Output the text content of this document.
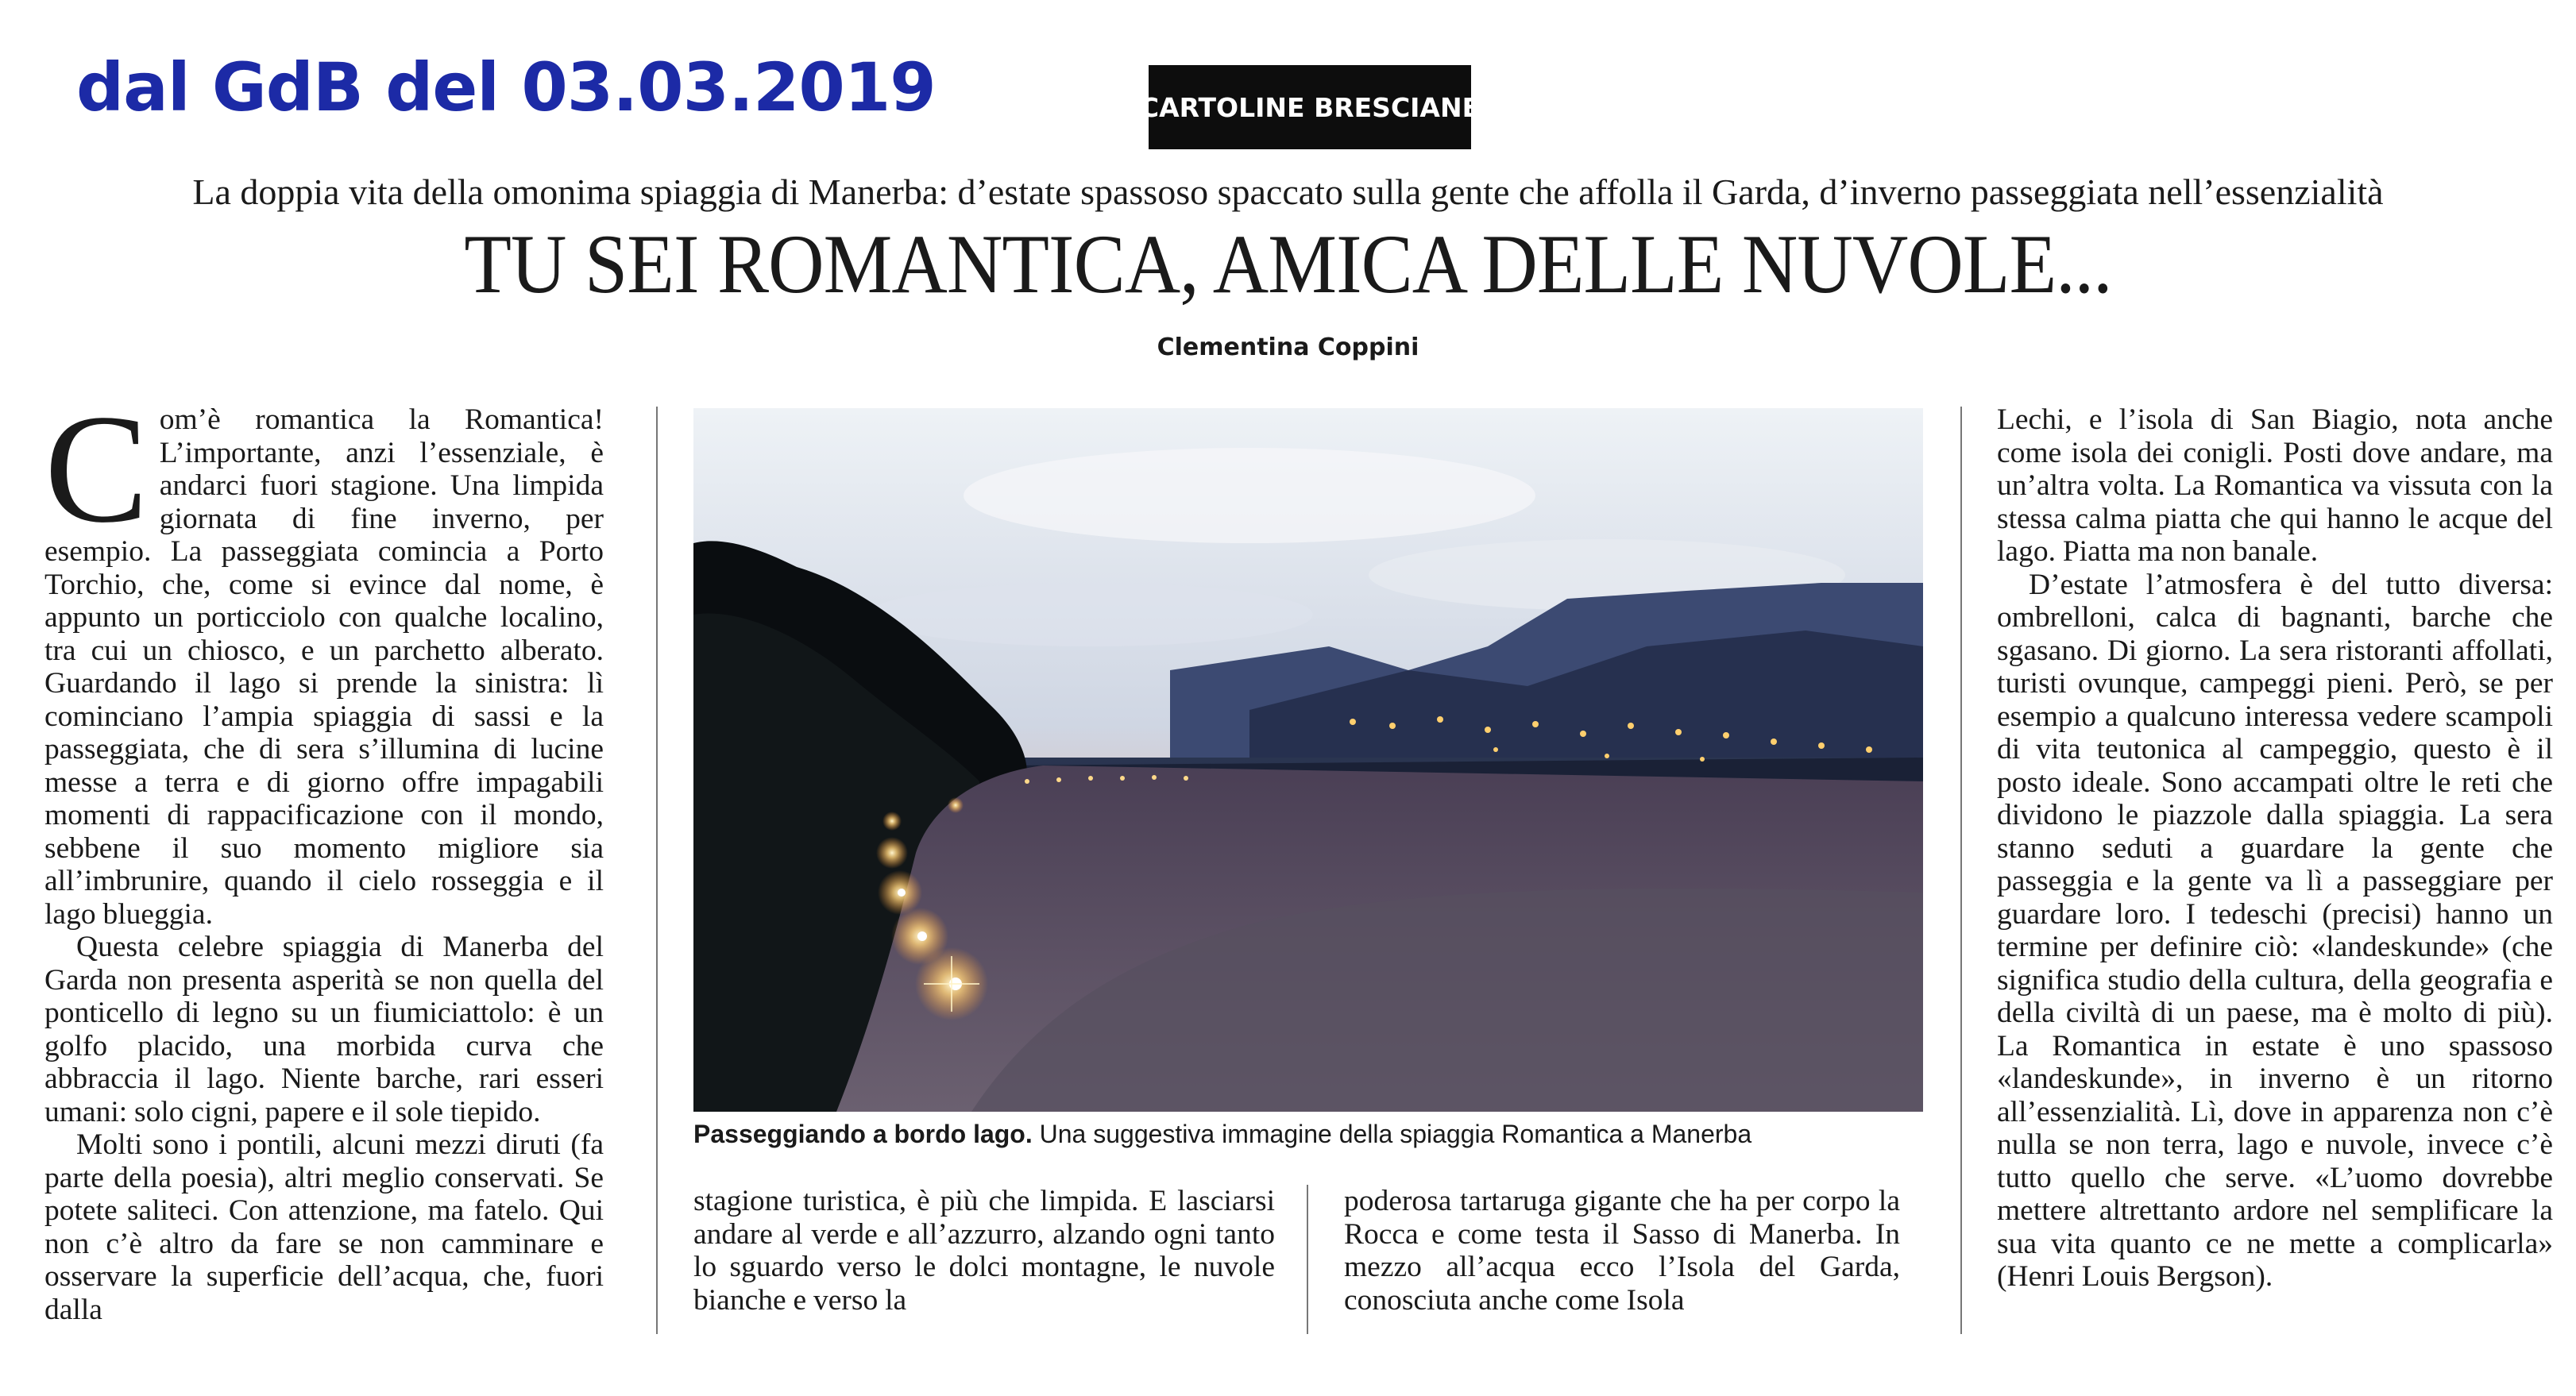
dal GdB del 03.03.2019	CARTOLINE BRESCIANE
La doppia vita della omonima spiaggia di Manerba: d’estate spassoso spaccato sulla gente che affolla il Garda, d’inverno passeggiata nell’essenzialità
TU SEI ROMANTICA, AMICA DELLE NUVOLE...
Clementina Coppini

Com’è romantica la Romantica! L’importante, anzi l’essenziale, è andarci fuori stagione. Una limpida giornata di fine inverno, per esempio. La passeggiata comincia a Porto Torchio, che, come si evince dal nome, è appunto un porticciolo con qualche localino, tra cui un chiosco, e un parchetto alberato. Guardando il lago si prende la sinistra: lì cominciano l’ampia spiaggia di sassi e la passeggiata, che di sera s’illumina di lucine messe a terra e di giorno offre impagabili momenti di rappacificazione con il mondo, sebbene il suo momento migliore sia all’imbrunire, quando il cielo rosseggia e il lago blueggia.

Questa celebre spiaggia di Manerba del Garda non presenta asperità se non quella del ponticello di legno su un fiumiciattolo: è un golfo placido, una morbida curva che abbraccia il lago. Niente barche, rari esseri umani: solo cigni, papere e il sole tiepido.

Molti sono i pontili, alcuni mezzi diruti (fa parte della poesia), altri meglio conservati. Se potete saliteci. Con attenzione, ma fatelo. Qui non c’è altro da fare se non camminare e osservare la superficie dell’acqua, che, fuori dalla

Passeggiando a bordo lago. Una suggestiva immagine della spiaggia Romantica a Manerba

stagione turistica, è più che limpida. E lasciarsi andare al verde e all’azzurro, alzando ogni tanto lo sguardo verso le dolci montagne, le nuvole bianche e verso la

poderosa tartaruga gigante che ha per corpo la Rocca e come testa il Sasso di Manerba. In mezzo all’acqua ecco l’Isola del Garda, conosciuta anche come Isola

Lechi, e l’isola di San Biagio, nota anche come isola dei conigli. Posti dove andare, ma un’altra volta. La Romantica va vissuta con la stessa calma piatta che qui hanno le acque del lago. Piatta ma non banale.

D’estate l’atmosfera è del tutto diversa: ombrelloni, calca di bagnanti, barche che sgasano. Di giorno. La sera ristoranti affollati, turisti ovunque, campeggi pieni. Però, se per esempio a qualcuno interessa vedere scampoli di vita teutonica al campeggio, questo è il posto ideale. Sono accampati oltre le reti che dividono le piazzole dalla spiaggia. La sera stanno seduti a guardare la gente che passeggia e la gente va lì a passeggiare per guardare loro. I tedeschi (precisi) hanno un termine per definire ciò: «landeskunde» (che significa studio della cultura, della geografia e della civiltà di un paese, ma è molto di più). La Romantica in estate è uno spassoso «landeskunde», in inverno è un ritorno all’essenzialità. Lì, dove in apparenza non c’è nulla se non terra, lago e nuvole, invece c’è tutto quello che serve. «L’uomo dovrebbe mettere altrettanto ardore nel semplificare la sua vita quanto ce ne mette a complicarla» (Henri Louis Bergson).
